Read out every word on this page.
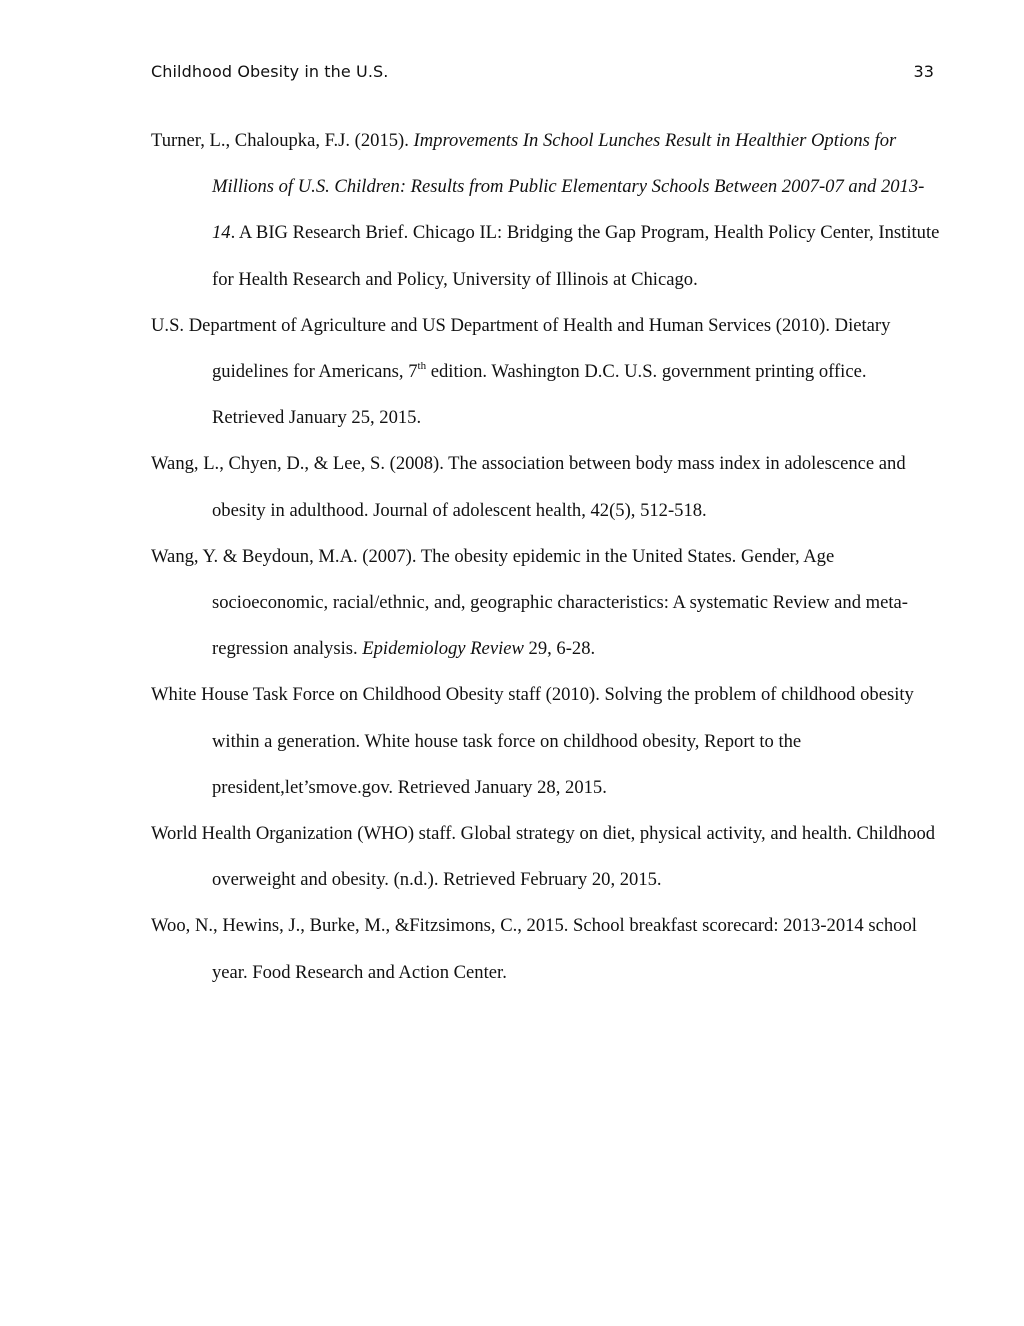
Childhood Obesity in the U.S.	33

Turner, L., Chaloupka, F.J. (2015). Improvements In School Lunches Result in Healthier Options for Millions of U.S. Children: Results from Public Elementary Schools Between 2007-07 and 2013-14. A BIG Research Brief. Chicago IL: Bridging the Gap Program, Health Policy Center, Institute for Health Research and Policy, University of Illinois at Chicago.

U.S. Department of Agriculture and US Department of Health and Human Services (2010). Dietary guidelines for Americans, 7th edition. Washington D.C. U.S. government printing office. Retrieved January 25, 2015.

Wang, L., Chyen, D., & Lee, S. (2008). The association between body mass index in adolescence and obesity in adulthood. Journal of adolescent health, 42(5), 512-518.

Wang, Y. & Beydoun, M.A. (2007). The obesity epidemic in the United States. Gender, Age socioeconomic, racial/ethnic, and, geographic characteristics: A systematic Review and meta-regression analysis. Epidemiology Review 29, 6-28.

White House Task Force on Childhood Obesity staff (2010). Solving the problem of childhood obesity within a generation. White house task force on childhood obesity, Report to the president,let’smove.gov. Retrieved January 28, 2015.

World Health Organization (WHO) staff. Global strategy on diet, physical activity, and health. Childhood overweight and obesity. (n.d.). Retrieved February 20, 2015.

Woo, N., Hewins, J., Burke, M., &Fitzsimons, C., 2015. School breakfast scorecard: 2013-2014 school year. Food Research and Action Center.
